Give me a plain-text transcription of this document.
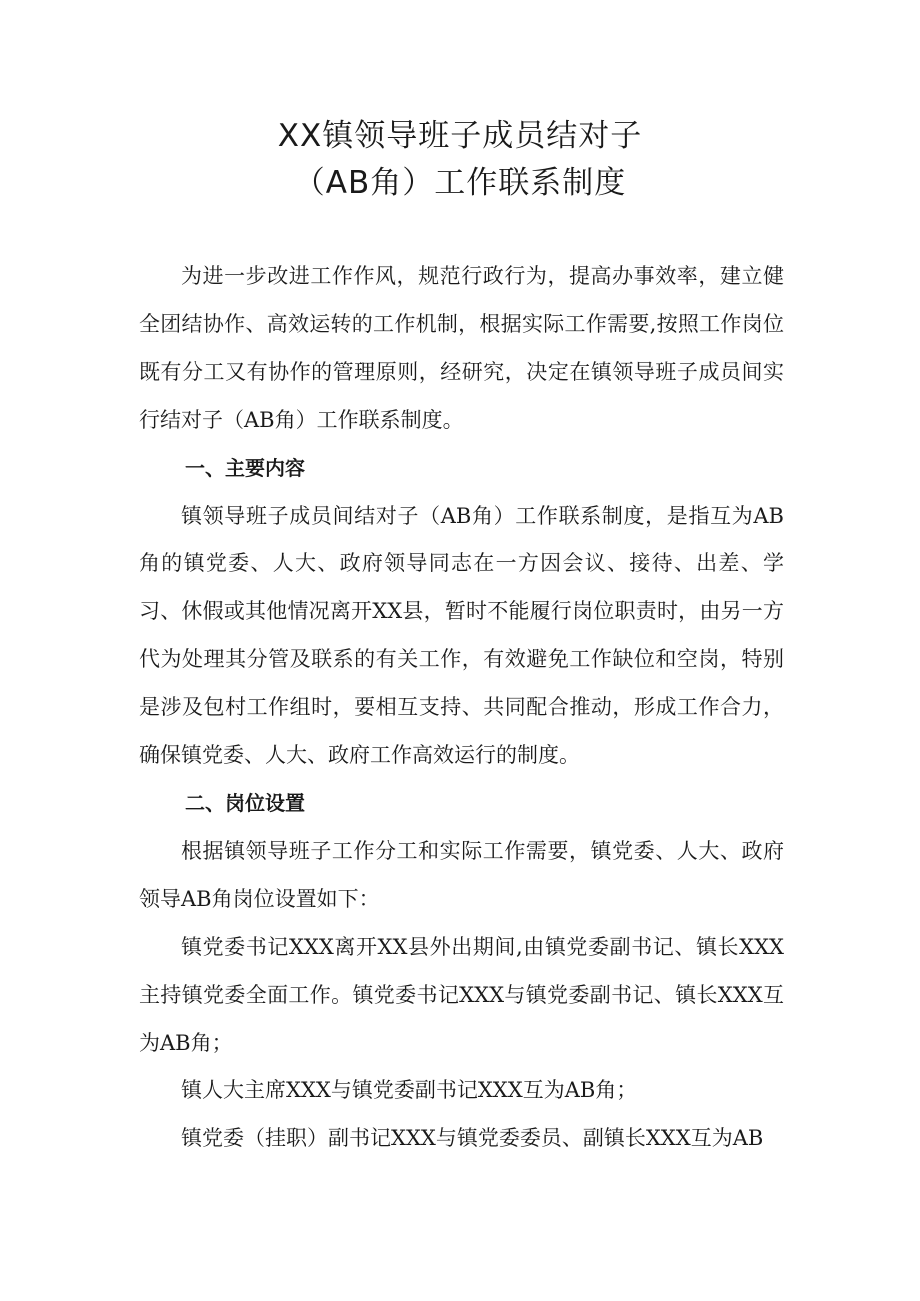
XX镇领导班子成员结对子
（AB角）工作联系制度

为进一步改进工作作风，规范行政行为，提高办事效率，建立健全团结协作、高效运转的工作机制，根据实际工作需要,按照工作岗位既有分工又有协作的管理原则，经研究，决定在镇领导班子成员间实行结对子（AB角）工作联系制度。

一、主要内容

镇领导班子成员间结对子（AB角）工作联系制度，是指互为AB角的镇党委、人大、政府领导同志在一方因会议、接待、出差、学习、休假或其他情况离开XX县，暂时不能履行岗位职责时，由另一方代为处理其分管及联系的有关工作，有效避免工作缺位和空岗，特别是涉及包村工作组时，要相互支持、共同配合推动，形成工作合力，确保镇党委、人大、政府工作高效运行的制度。

二、岗位设置

根据镇领导班子工作分工和实际工作需要，镇党委、人大、政府领导AB角岗位设置如下：

镇党委书记XXX离开XX县外出期间,由镇党委副书记、镇长XXX主持镇党委全面工作。镇党委书记XXX与镇党委副书记、镇长XXX互为AB角；

镇人大主席XXX与镇党委副书记XXX互为AB角；

镇党委（挂职）副书记XXX与镇党委委员、副镇长XXX互为AB
